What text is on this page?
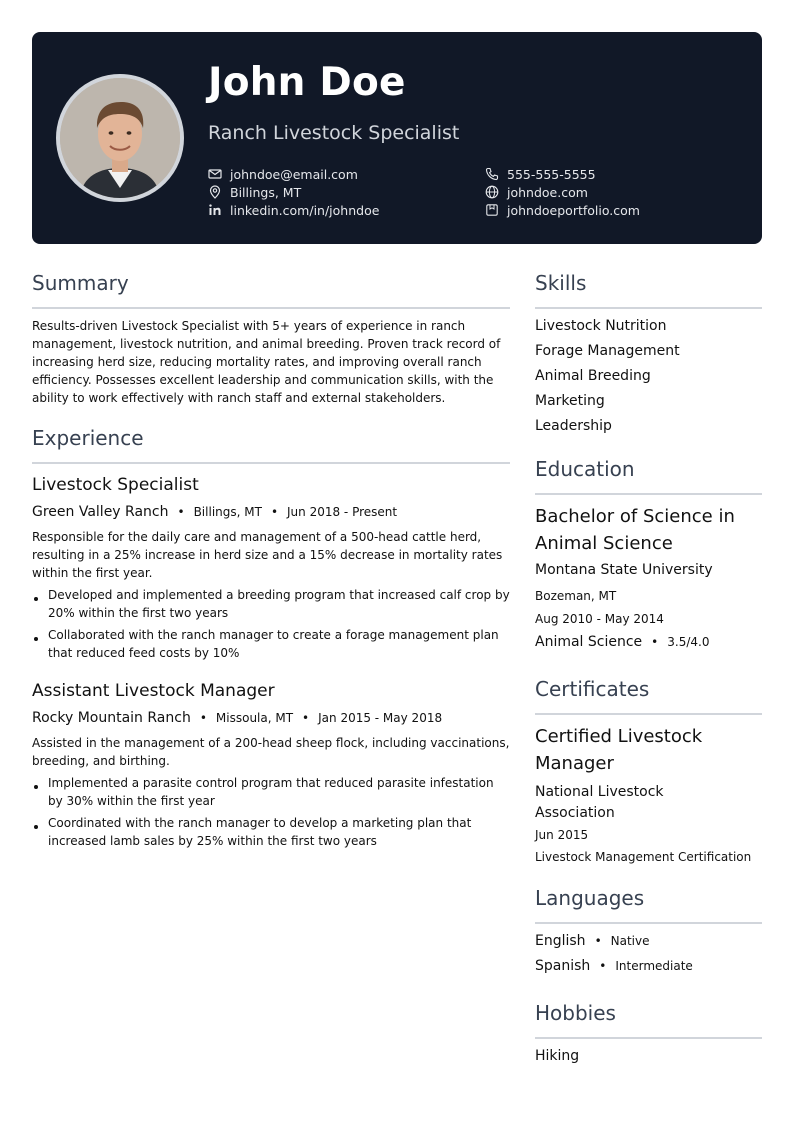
John Doe
Ranch Livestock Specialist
johndoe@email.com	555-555-5555
Billings, MT	johndoe.com
linkedin.com/in/johndoe	johndoeportfolio.com
Summary
Results-driven Livestock Specialist with 5+ years of experience in ranch management, livestock nutrition, and animal breeding. Proven track record of increasing herd size, reducing mortality rates, and improving overall ranch efficiency. Possesses excellent leadership and communication skills, with the ability to work effectively with ranch staff and external stakeholders.
Experience
Livestock Specialist
Green Valley Ranch • Billings, MT • Jun 2018 - Present
Responsible for the daily care and management of a 500-head cattle herd, resulting in a 25% increase in herd size and a 15% decrease in mortality rates within the first year.
Developed and implemented a breeding program that increased calf crop by 20% within the first two years
Collaborated with the ranch manager to create a forage management plan that reduced feed costs by 10%
Assistant Livestock Manager
Rocky Mountain Ranch • Missoula, MT • Jan 2015 - May 2018
Assisted in the management of a 200-head sheep flock, including vaccinations, breeding, and birthing.
Implemented a parasite control program that reduced parasite infestation by 30% within the first year
Coordinated with the ranch manager to develop a marketing plan that increased lamb sales by 25% within the first two years
Skills
Livestock Nutrition
Forage Management
Animal Breeding
Marketing
Leadership
Education
Bachelor of Science in Animal Science
Montana State University
Bozeman, MT
Aug 2010 - May 2014
Animal Science • 3.5/4.0
Certificates
Certified Livestock Manager
National Livestock Association
Jun 2015
Livestock Management Certification
Languages
English • Native
Spanish • Intermediate
Hobbies
Hiking
